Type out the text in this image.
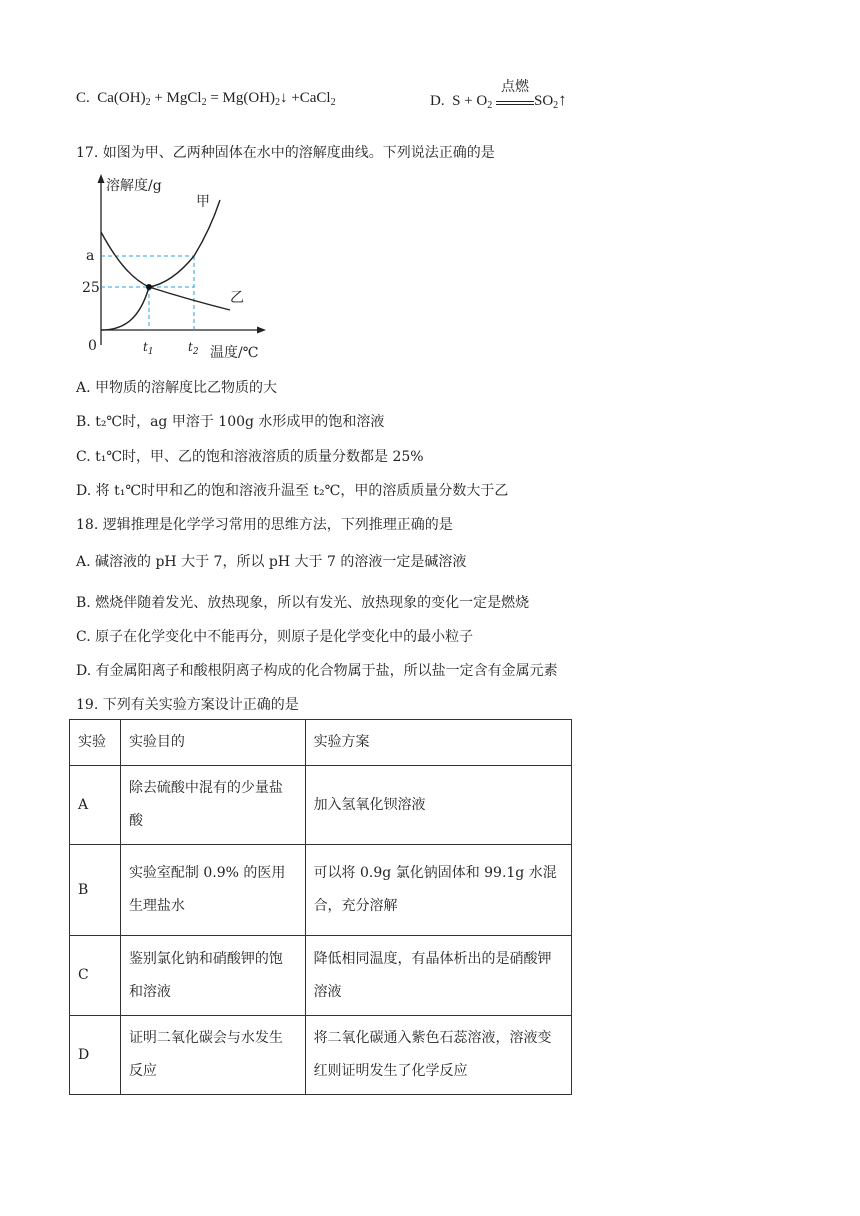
C. $Ca(OH)_2$ + MgCl$_2$ = $Mg(OH)_2↓$ +CaCl$_2$	D. $S + O_2$
点燃
$SO_2↑$
17. 如图为甲、乙两种固体在水中的溶解度曲线。下列说法正确的是
溶解度/g
甲
乙
a
25
0	$t_1$	$t_2$ 温度/℃
A. 甲物质的溶解度比乙物质的大
B. t₂℃时，ag 甲溶于 100g 水形成甲的饱和溶液
C. t₁℃时，甲、乙的饱和溶液溶质的质量分数都是 25%
D. 将 t₁℃时甲和乙的饱和溶液升温至 t₂℃，甲的溶质质量分数大于乙
18. 逻辑推理是化学学习常用的思维方法，下列推理正确的是
A. 碱溶液的 pH 大于 7，所以 pH 大于 7 的溶液一定是碱溶液
B. 燃烧伴随着发光、放热现象，所以有发光、放热现象的变化一定是燃烧
C. 原子在化学变化中不能再分，则原子是化学变化中的最小粒子
D. 有金属阳离子和酸根阴离子构成的化合物属于盐，所以盐一定含有金属元素
19. 下列有关实验方案设计正确的是
实验	实验目的	实验方案
A	除去硫酸中混有的少量盐酸	加入氢氧化钡溶液
B	实验室配制 0.9% 的医用生理盐水	可以将 0.9g 氯化钠固体和 99.1g 水混合，充分溶解
C	鉴别氯化钠和硝酸钾的饱和溶液	降低相同温度，有晶体析出的是硝酸钾溶液
D	证明二氧化碳会与水发生反应	将二氧化碳通入紫色石蕊溶液，溶液变红则证明发生了化学反应
